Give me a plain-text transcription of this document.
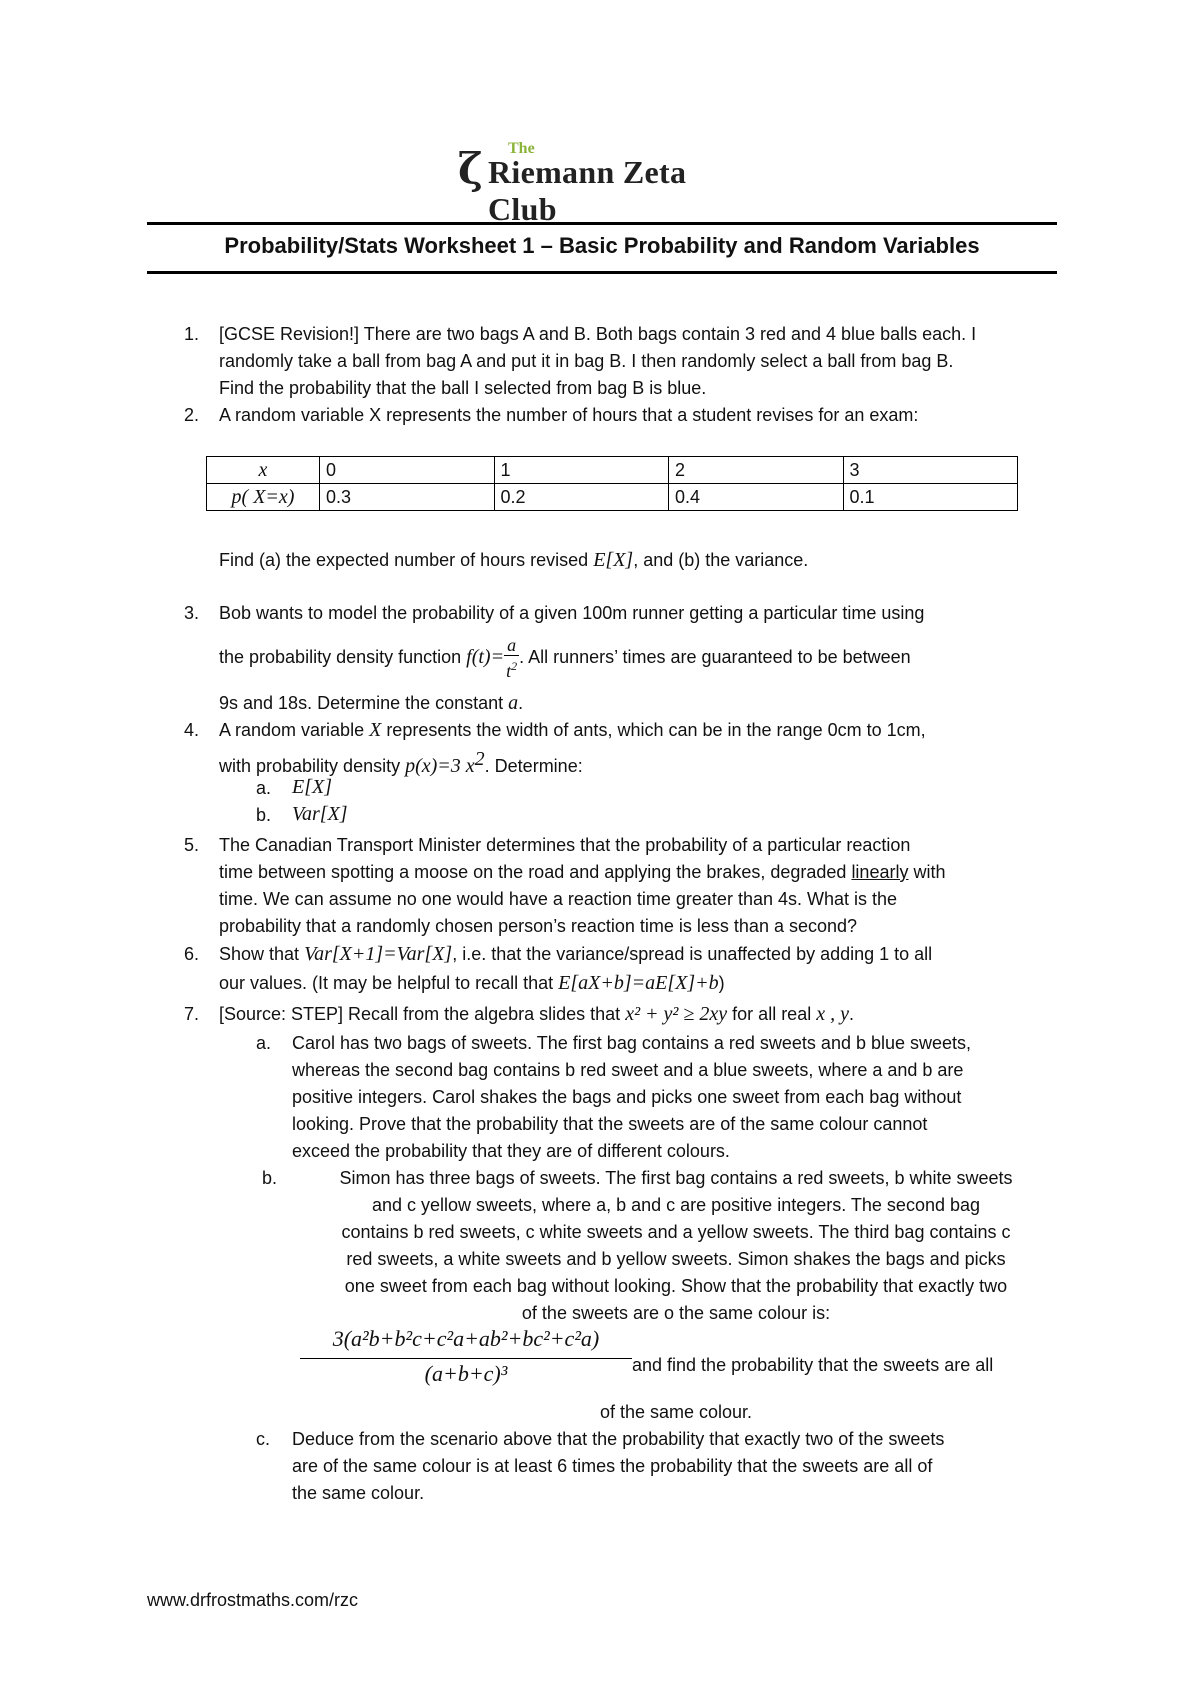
ζ The
Riemann Zeta Club
Probability/Stats Worksheet 1 – Basic Probability and Random Variables
1. [GCSE Revision!] There are two bags A and B. Both bags contain 3 red and 4 blue balls each. I
randomly take a ball from bag A and put it in bag B. I then randomly select a ball from bag B.
Find the probability that the ball I selected from bag B is blue.
2. A random variable X represents the number of hours that a student revises for an exam:
x	0	1	2	3
p( X=x)	0.3	0.2	0.4	0.1
Find (a) the expected number of hours revised E[X], and (b) the variance.
3. Bob wants to model the probability of a given 100m runner getting a particular time using
the probability density function $f(t)= \frac{a}{t^2}$ . All runners’ times are guaranteed to be between
9s and 18s. Determine the constant a.
4. A random variable X represents the width of ants, which can be in the range 0cm to 1cm,
with probability density p(x)=3 $x^2$. Determine:
a. E[X]
b. Var[X]
5. The Canadian Transport Minister determines that the probability of a particular reaction
time between spotting a moose on the road and applying the brakes, degraded linearly with
time. We can assume no one would have a reaction time greater than 4s. What is the
probability that a randomly chosen person’s reaction time is less than a second?
6. Show that Var[X+1]=Var[X], i.e. that the variance/spread is unaffected by adding 1 to all
our values. (It may be helpful to recall that E[aX+b]=aE[X]+b)
7. [Source: STEP] Recall from the algebra slides that x² + y² ≥ 2xy for all real x , y.
a. Carol has two bags of sweets. The first bag contains a red sweets and b blue sweets,
whereas the second bag contains b red sweet and a blue sweets, where a and b are
positive integers. Carol shakes the bags and picks one sweet from each bag without
looking. Prove that the probability that the sweets are of the same colour cannot
exceed the probability that they are of different colours.
b.	Simon has three bags of sweets. The first bag contains a red sweets, b white sweets
and c yellow sweets, where a, b and c are positive integers. The second bag
contains b red sweets, c white sweets and a yellow sweets. The third bag contains c
red sweets, a white sweets and b yellow sweets. Simon shakes the bags and picks
one sweet from each bag without looking. Show that the probability that exactly two
of the sweets are o the same colour is:
$\frac{\text{3(a²b+b²c+c²a+ab²+bc²+c²a)}}{\text{(a+b+c)³}}$ and find the probability that the sweets are all
of the same colour.
c. Deduce from the scenario above that the probability that exactly two of the sweets
are of the same colour is at least 6 times the probability that the sweets are all of
the same colour.
www.drfrostmaths.com/rzc
